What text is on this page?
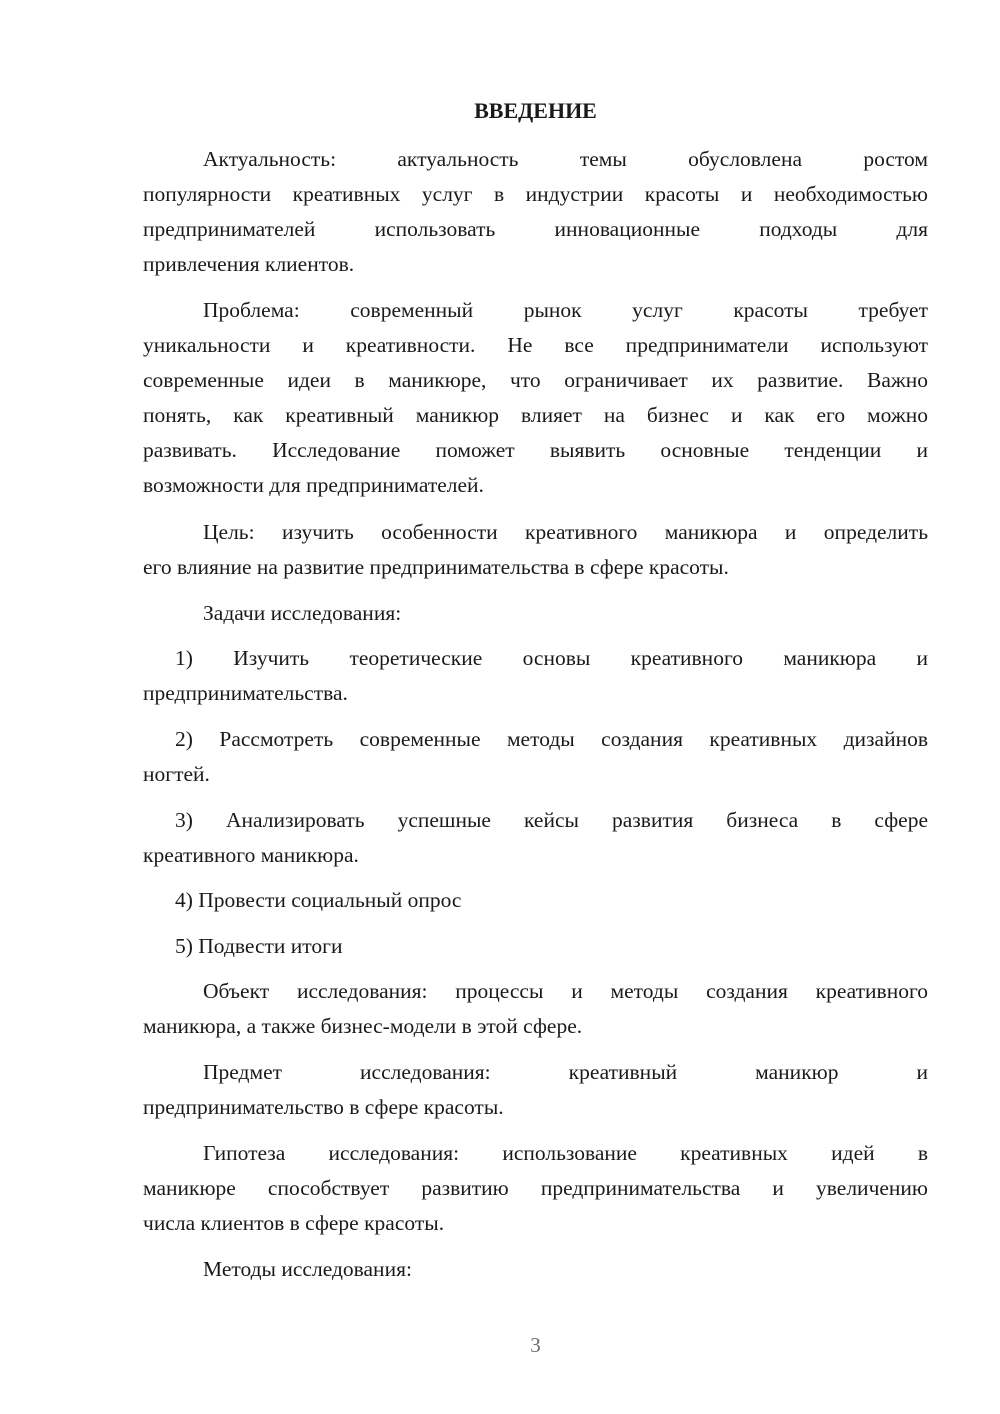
ВВЕДЕНИЕ
Актуальность: актуальность темы обусловлена ростом
популярности креативных услуг в индустрии красоты и необходимостью
предпринимателей использовать инновационные подходы для
привлечения клиентов.
Проблема: современный рынок услуг красоты требует
уникальности и креативности. Не все предприниматели используют
современные идеи в маникюре, что ограничивает их развитие. Важно
понять, как креативный маникюр влияет на бизнес и как его можно
развивать. Исследование поможет выявить основные тенденции и
возможности для предпринимателей.
Цель: изучить особенности креативного маникюра и определить
его влияние на развитие предпринимательства в сфере красоты.
Задачи исследования:
1) Изучить теоретические основы креативного маникюра и
предпринимательства.
2) Рассмотреть современные методы создания креативных дизайнов
ногтей.
3) Анализировать успешные кейсы развития бизнеса в сфере
креативного маникюра.
4) Провести социальный опрос
5) Подвести итоги
Объект исследования: процессы и методы создания креативного
маникюра, а также бизнес-модели в этой сфере.
Предмет исследования: креативный маникюр и
предпринимательство в сфере красоты.
Гипотеза исследования: использование креативных идей в
маникюре способствует развитию предпринимательства и увеличению
числа клиентов в сфере красоты.
Методы исследования:
3
